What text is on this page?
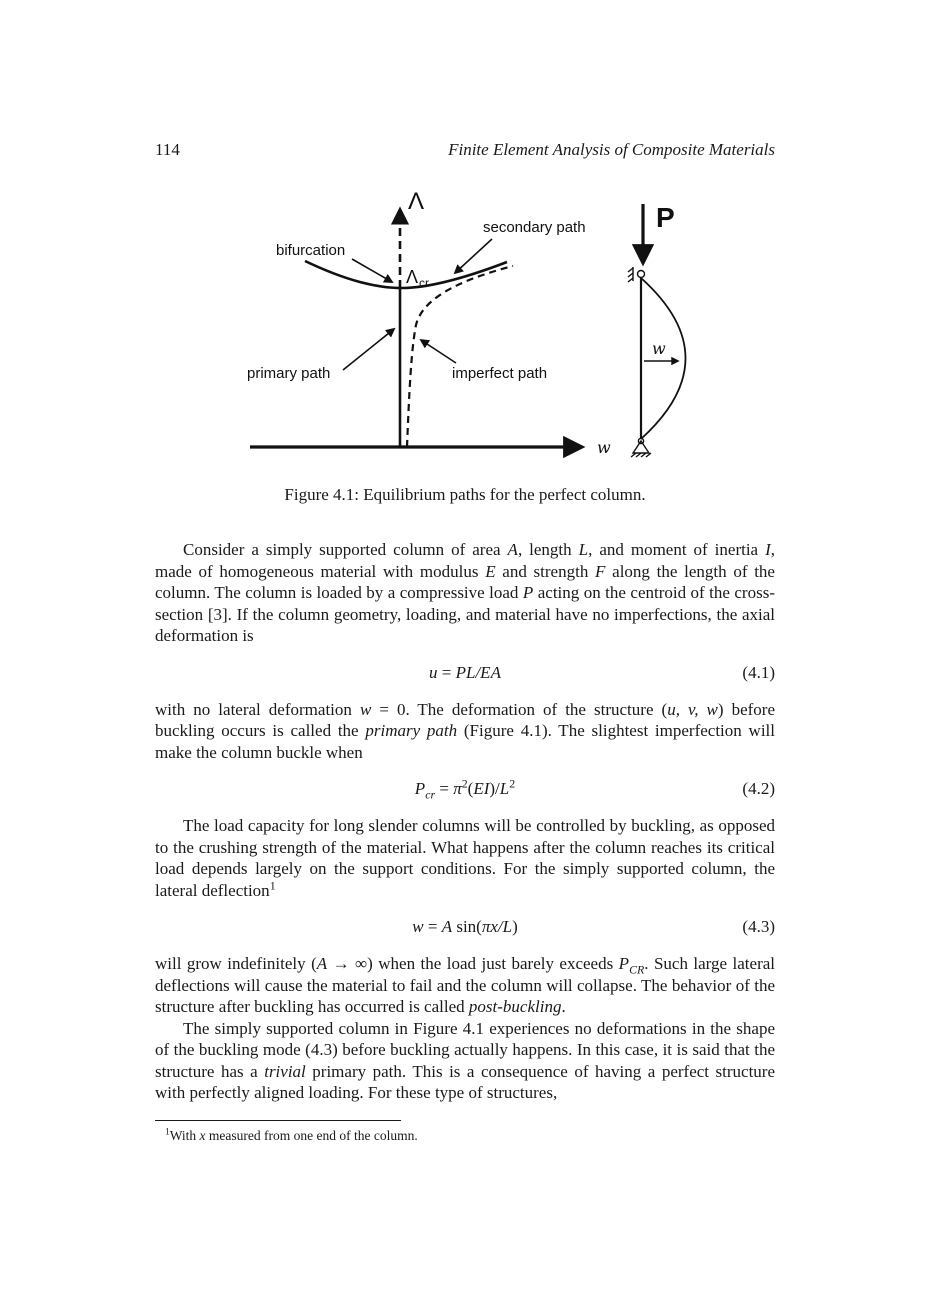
114	Finite Element Analysis of Composite Materials
w
Λ
Λ cr
bifurcation
secondary path
primary path	imperfect path
P
w
Figure 4.1: Equilibrium paths for the perfect column.

Consider a simply supported column of area A, length L, and moment of inertia I, made of homogeneous material with modulus E and strength F along the length of the column. The column is loaded by a compressive load P acting on the centroid of the cross-section [3]. If the column geometry, loading, and material have no imperfections, the axial deformation is

u = PL/EA	(4.1)

with no lateral deformation w = 0. The deformation of the structure (u, v, w) before buckling occurs is called the primary path (Figure 4.1). The slightest imperfection will make the column buckle when

$P_{cr} = \pi^2(EI)/L^2$	(4.2)

The load capacity for long slender columns will be controlled by buckling, as opposed to the crushing strength of the material. What happens after the column reaches its critical load depends largely on the support conditions. For the simply supported column, the lateral deflection$^1$

w = A sin(πx/L)	(4.3)

will grow indefinitely (A → ∞) when the load just barely exceeds $P_{CR}$. Such large lateral deflections will cause the material to fail and the column will collapse. The behavior of the structure after buckling has occurred is called post-buckling.

The simply supported column in Figure 4.1 experiences no deformations in the shape of the buckling mode (4.3) before buckling actually happens. In this case, it is said that the structure has a trivial primary path. This is a consequence of having a perfect structure with perfectly aligned loading. For these type of structures,

$^1$With x measured from one end of the column.
